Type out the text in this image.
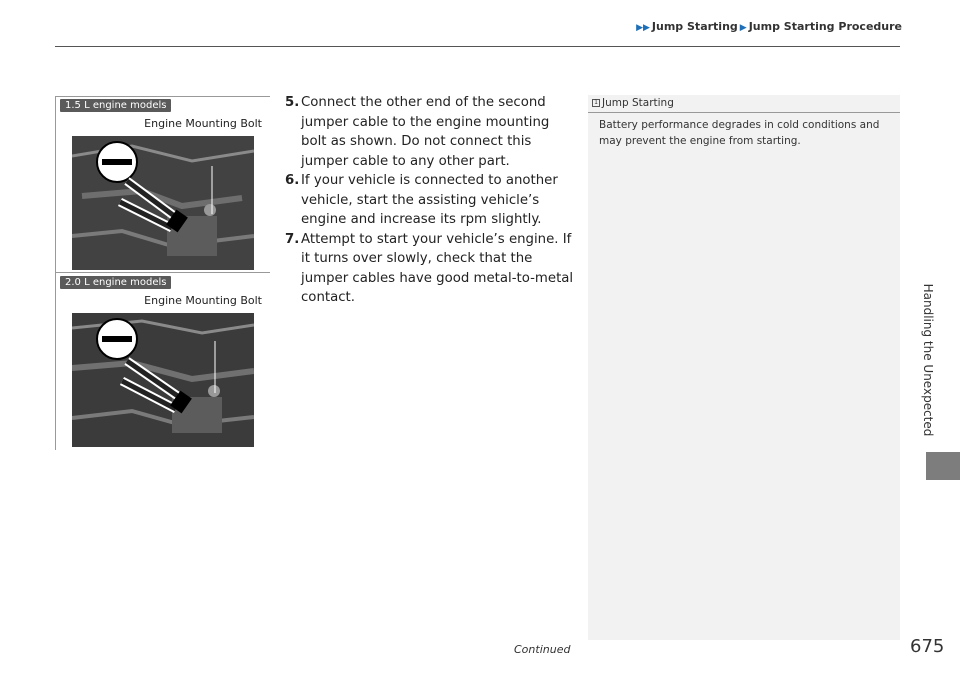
▶▶ Jump Starting ▶ Jump Starting Procedure
Handling the Unexpected
1.5 L engine models
Engine Mounting Bolt
2.0 L engine models
Engine Mounting Bolt
5. Connect the other end of the second jumper cable to the engine mounting bolt as shown. Do not connect this jumper cable to any other part.
6. If your vehicle is connected to another vehicle, start the assisting vehicle’s engine and increase its rpm slightly.
7. Attempt to start your vehicle’s engine. If it turns over slowly, check that the jumper cables have good metal-to-metal contact.
1 Jump Starting
Battery performance degrades in cold conditions and may prevent the engine from starting.
Continued	675
